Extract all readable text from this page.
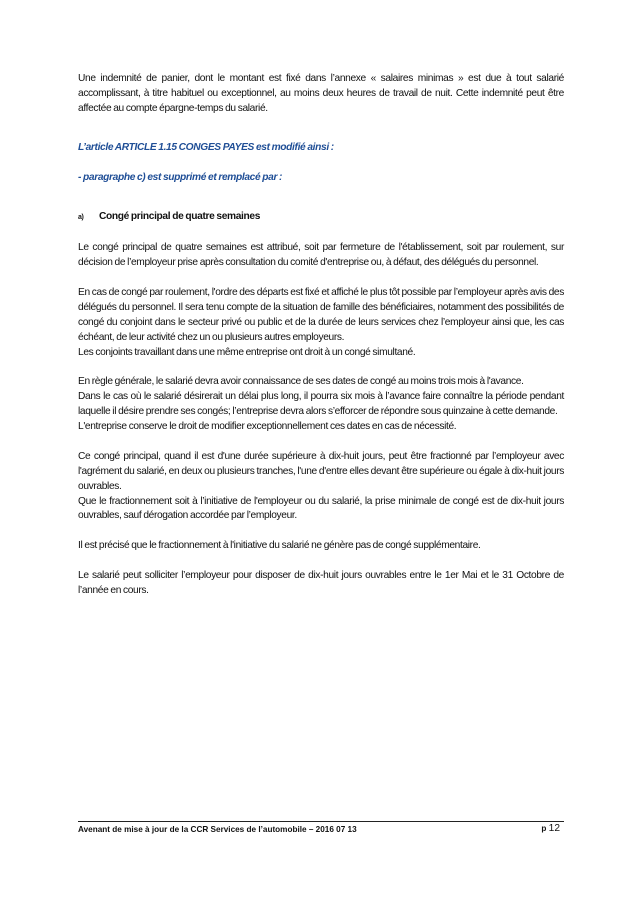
Une indemnité de panier, dont le montant est fixé dans l’annexe « salaires minimas » est due à tout salarié accomplissant, à titre habituel ou exceptionnel, au moins deux heures de travail de nuit. Cette indemnité peut être affectée au compte épargne-temps du salarié.

L’article ARTICLE 1.15 CONGES PAYES est modifié ainsi :

- paragraphe c) est supprimé et remplacé par :

a) Congé principal de quatre semaines

Le congé principal de quatre semaines est attribué, soit par fermeture de l'établissement, soit par roulement, sur décision de l’employeur prise après consultation du comité d'entreprise ou, à défaut, des délégués du personnel.

En cas de congé par roulement, l'ordre des départs est fixé et affiché le plus tôt possible par l’employeur après avis des délégués du personnel. Il sera tenu compte de la situation de famille des bénéficiaires, notamment des possibilités de congé du conjoint dans le secteur privé ou public et de la durée de leurs services chez l’employeur ainsi que, les cas échéant, de leur activité chez un ou plusieurs autres employeurs.

Les conjoints travaillant dans une même entreprise ont droit à un congé simultané.

En règle générale, le salarié devra avoir connaissance de ses dates de congé au moins trois mois à l'avance.

Dans le cas où le salarié désirerait un délai plus long, il pourra six mois à l’avance faire connaître la période pendant laquelle il désire prendre ses congés; l’entreprise devra alors s’efforcer de répondre sous quinzaine à cette demande.

L'entreprise conserve le droit de modifier exceptionnellement ces dates en cas de nécessité.

Ce congé principal, quand il est d'une durée supérieure à dix-huit jours, peut être fractionné par l’employeur avec l'agrément du salarié, en deux ou plusieurs tranches, l'une d'entre elles devant être supérieure ou égale à dix-huit jours ouvrables.

Que le fractionnement soit à l’initiative de l'employeur ou du salarié, la prise minimale de congé est de dix-huit jours ouvrables, sauf dérogation accordée par l’employeur.

Il est précisé que le fractionnement à l'initiative du salarié ne génère pas de congé supplémentaire.

Le salarié peut solliciter l’employeur pour disposer de dix-huit jours ouvrables entre le 1er Mai et le 31 Octobre de l’année en cours.

Avenant de mise à jour de la CCR Services de l’automobile – 2016 07 13	p 12
